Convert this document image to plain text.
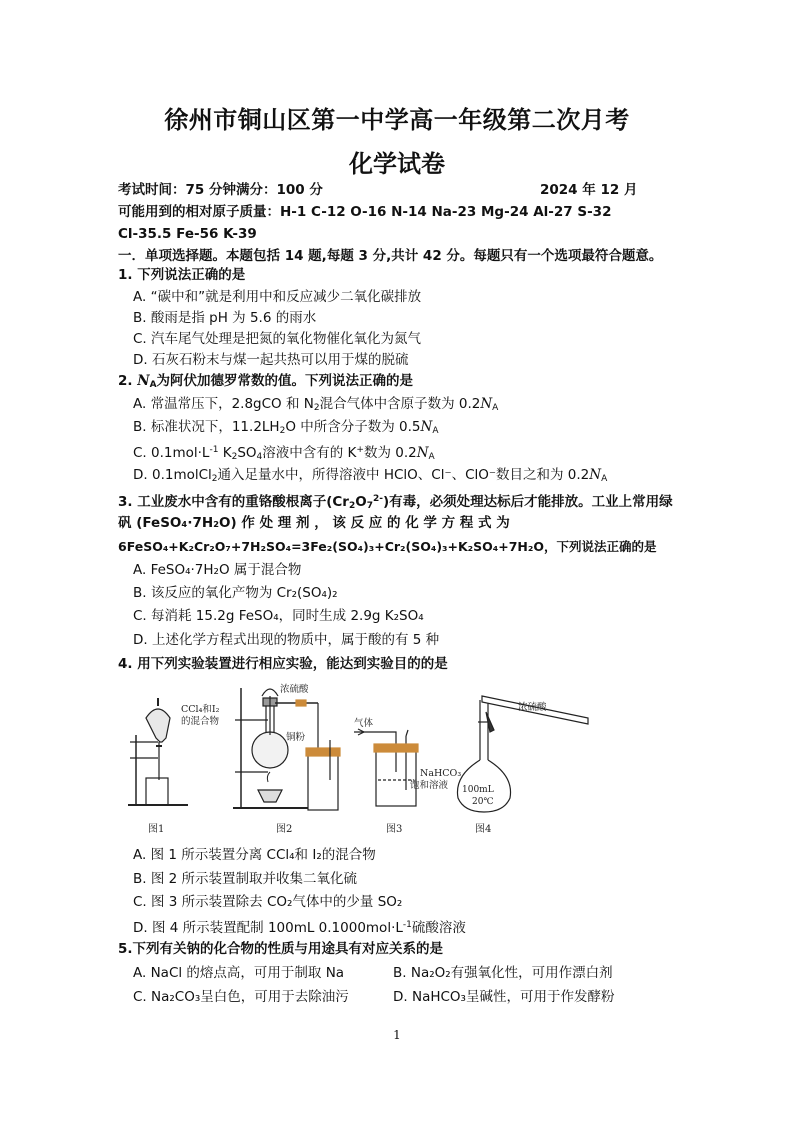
徐州市铜山区第一中学高一年级第二次月考
化学试卷
考试时间：75 分钟 满分：100 分	2024 年 12 月
可能用到的相对原子质量：H-1 C-12 O-16 N-14 Na-23 Mg-24 Al-27 S-32
Cl-35.5 Fe-56 K-39
一．单项选择题。本题包括 14 题,每题 3 分,共计 42 分。每题只有一个选项最符合题意。
1. 下列说法正确的是
A. “碳中和”就是利用中和反应减少二氧化碳排放
B. 酸雨是指 pH 为 5.6 的雨水
C. 汽车尾气处理是把氮的氧化物催化氧化为氮气
D. 石灰石粉末与煤一起共热可以用于煤的脱硫
2. $N_A$为阿伏加德罗常数的值。下列说法正确的是
A. 常温常压下，2.8gCO 和 $N_2$混合气体中含原子数为 $0.2N_A$
B. 标准状况下，$11.2LH_2O$ 中所含分子数为 $0.5N_A$
C. $0.1mol\cdot L^{-1}$ $K_2SO_4$溶液中含有的 K+数为 $0.2N_A$
D. 0.1molCl$_2$通入足量水中，所得溶液中 HClO、Cl⁻、ClO⁻数目之和为 $0.2N_A$
3. 工业废水中含有的重铬酸根离子$(Cr_2O_7^{2-})$有毒，必须处理达标后才能排放。工业上常用绿
矾 (FeSO₄·7H₂O) 作 处 理 剂 ， 该 反 应 的 化 学 方 程 式 为
6FeSO₄+K₂Cr₂O₇+7H₂SO₄=3Fe₂(SO₄)₃+Cr₂(SO₄)₃+K₂SO₄+7H₂O，下列说法正确的是
A. FeSO₄·7H₂O 属于混合物
B. 该反应的氧化产物为 Cr₂(SO₄)₂
C. 每消耗 15.2g FeSO₄，同时生成 2.9g K₂SO₄
D. 上述化学方程式出现的物质中，属于酸的有 5 种
4. 用下列实验装置进行相应实验，能达到实验目的的是
CCl₄和I₂
的混合物
图1
浓硫酸
铜粉
图2
气体
NaHCO₃
饱和溶液
图3
浓硫酸
100mL
20℃
图4
A. 图 1 所示装置分离 CCl₄和 I₂的混合物
B. 图 2 所示装置制取并收集二氧化硫
C. 图 3 所示装置除去 CO₂气体中的少量 SO₂
D. 图 4 所示装置配制 100mL $0.1000mol\cdot L^{-1}$硫酸溶液
5.下列有关钠的化合物的性质与用途具有对应关系的是
A. NaCl 的熔点高，可用于制取 Na	B. Na₂O₂有强氧化性，可用作漂白剂
C. Na₂CO₃呈白色，可用于去除油污	D. NaHCO₃呈碱性，可用于作发酵粉
1
